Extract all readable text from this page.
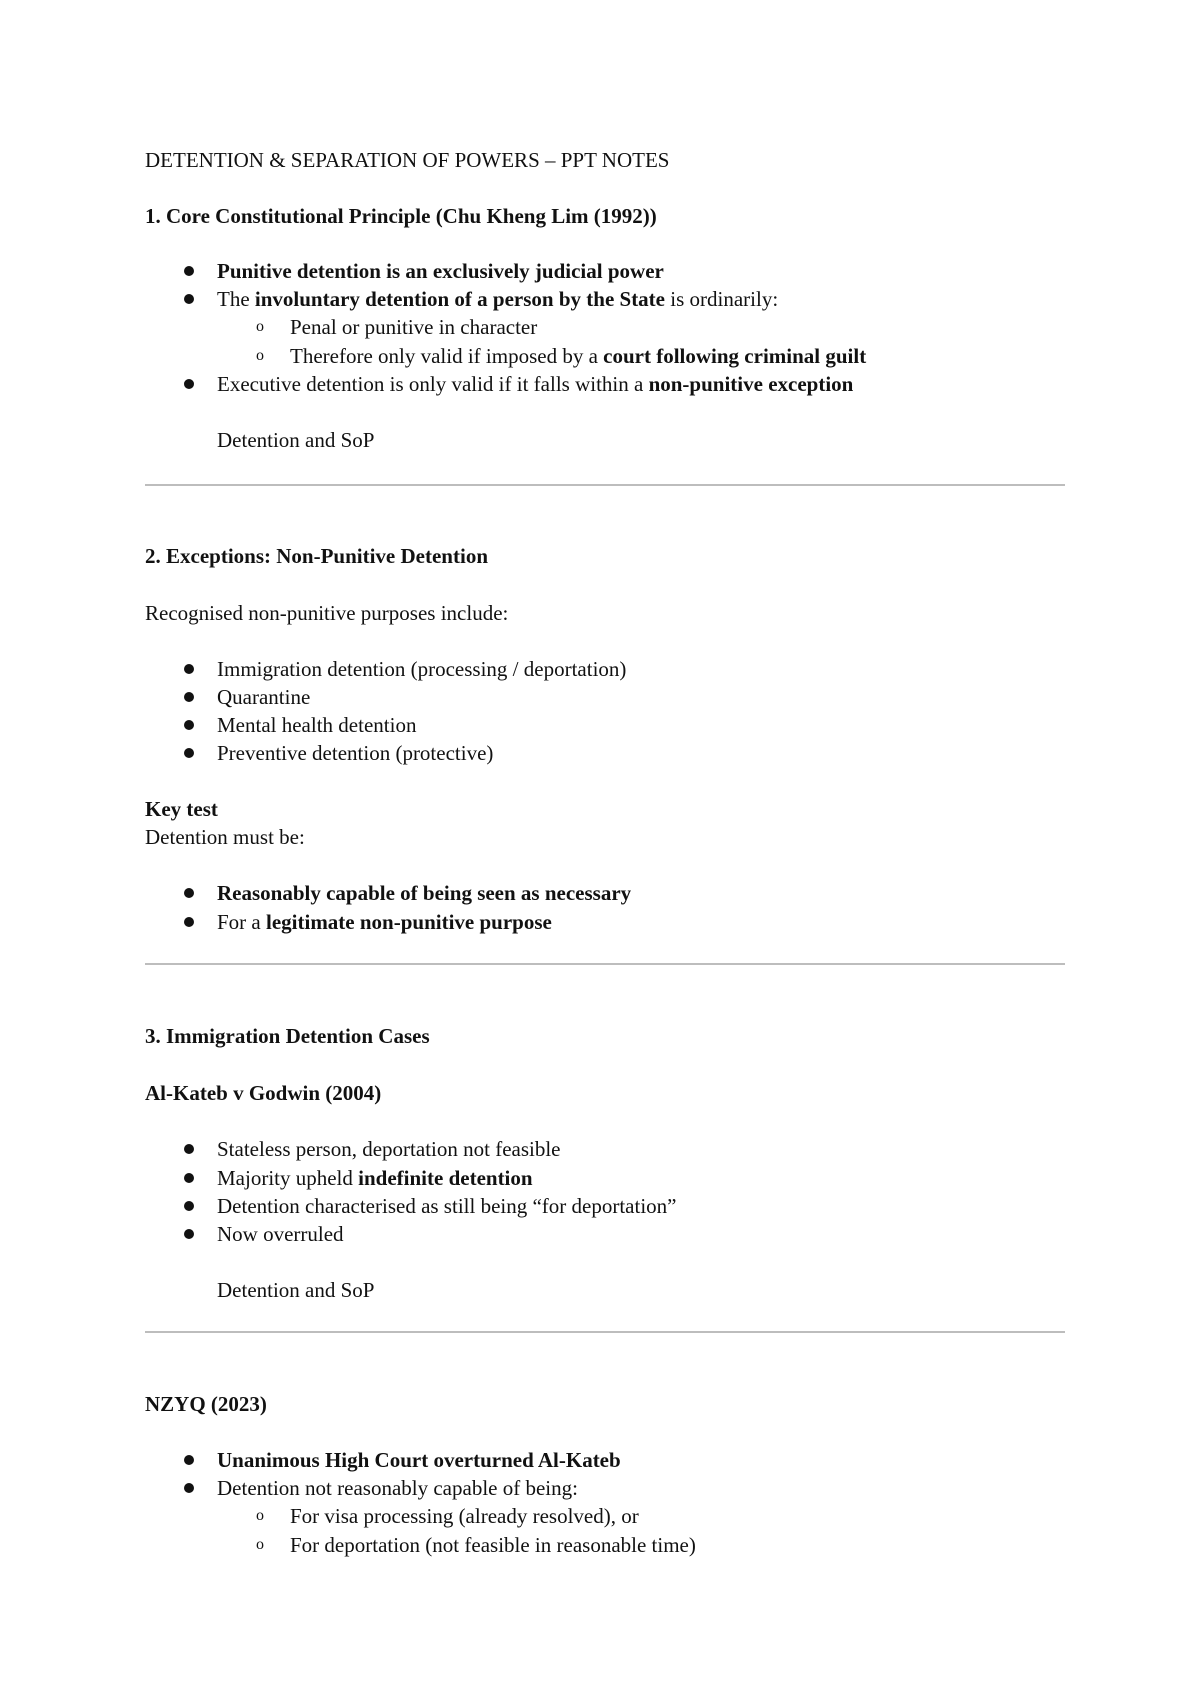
DETENTION & SEPARATION OF POWERS – PPT NOTES
1. Core Constitutional Principle (Chu Kheng Lim (1992))
Punitive detention is an exclusively judicial power
The involuntary detention of a person by the State is ordinarily:
o Penal or punitive in character
o Therefore only valid if imposed by a court following criminal guilt
Executive detention is only valid if it falls within a non-punitive exception
Detention and SoP
2. Exceptions: Non-Punitive Detention
Recognised non-punitive purposes include:
Immigration detention (processing / deportation)
Quarantine
Mental health detention
Preventive detention (protective)
Key test
Detention must be:
Reasonably capable of being seen as necessary
For a legitimate non-punitive purpose
3. Immigration Detention Cases
Al-Kateb v Godwin (2004)
Stateless person, deportation not feasible
Majority upheld indefinite detention
Detention characterised as still being “for deportation”
Now overruled
Detention and SoP
NZYQ (2023)
Unanimous High Court overturned Al-Kateb
Detention not reasonably capable of being:
o For visa processing (already resolved), or
o For deportation (not feasible in reasonable time)
